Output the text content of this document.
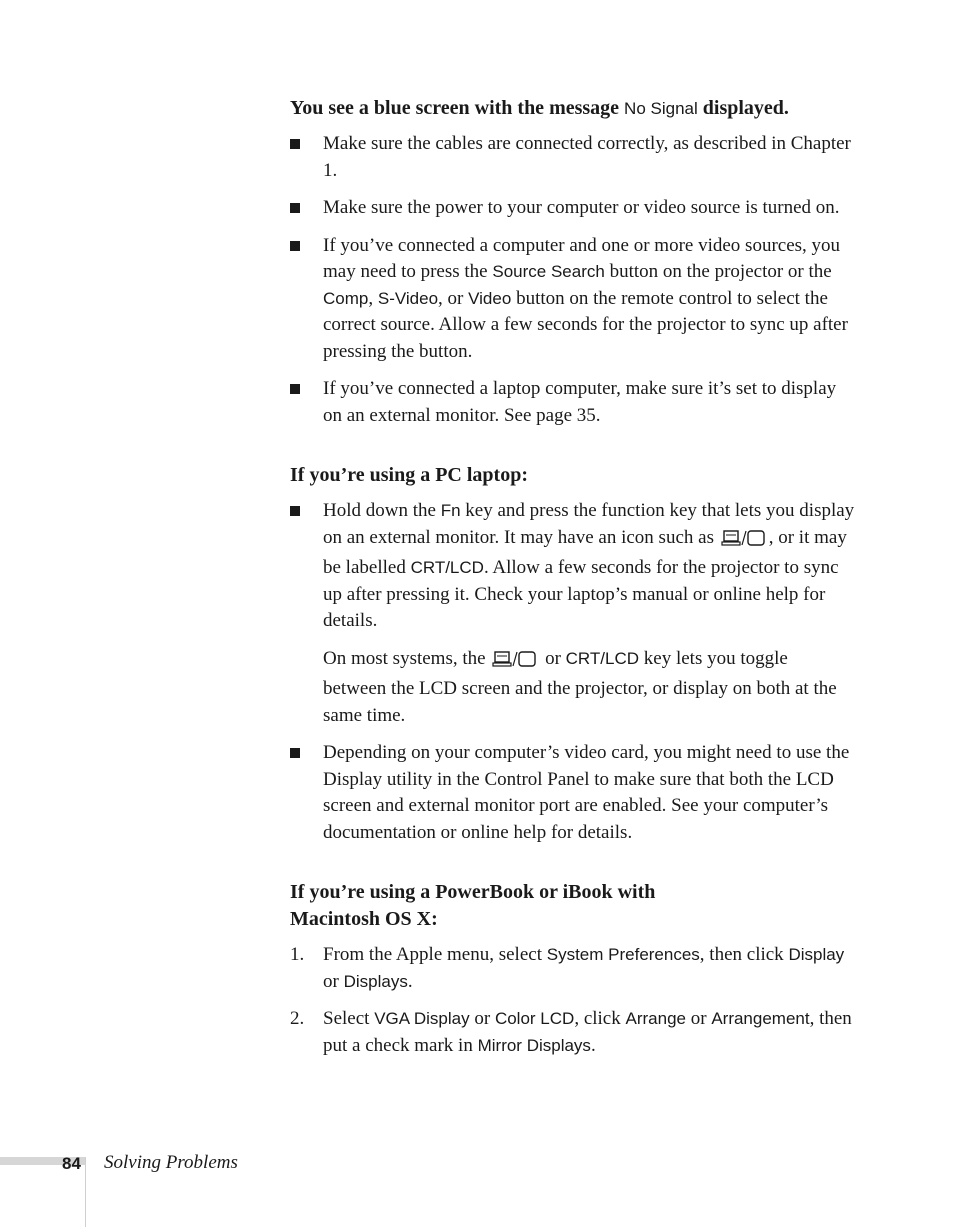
You see a blue screen with the message No Signal displayed.

Make sure the cables are connected correctly, as described in Chapter 1.
Make sure the power to your computer or video source is turned on.
If you’ve connected a computer and one or more video sources, you may need to press the Source Search button on the projector or the Comp, S-Video, or Video button on the remote control to select the correct source. Allow a few seconds for the projector to sync up after pressing the button.
If you’ve connected a laptop computer, make sure it’s set to display on an external monitor. See page 35.

If you’re using a PC laptop:

Hold down the Fn key and press the function key that lets you display on an external monitor. It may have an icon such as	, or it may be labelled CRT/LCD. Allow a few seconds for the projector to sync up after pressing it. Check your laptop’s manual or online help for details.

On most systems, the	or CRT/LCD key lets you toggle between the LCD screen and the projector, or display on both at the same time.

Depending on your computer’s video card, you might need to use the Display utility in the Control Panel to make sure that both the LCD screen and external monitor port are enabled. See your computer’s documentation or online help for details.

If you’re using a PowerBook or iBook with
Macintosh OS X:

1. From the Apple menu, select System Preferences, then click Display or Displays.
2. Select VGA Display or Color LCD, click Arrange or Arrangement, then put a check mark in Mirror Displays.
84 Solving Problems
